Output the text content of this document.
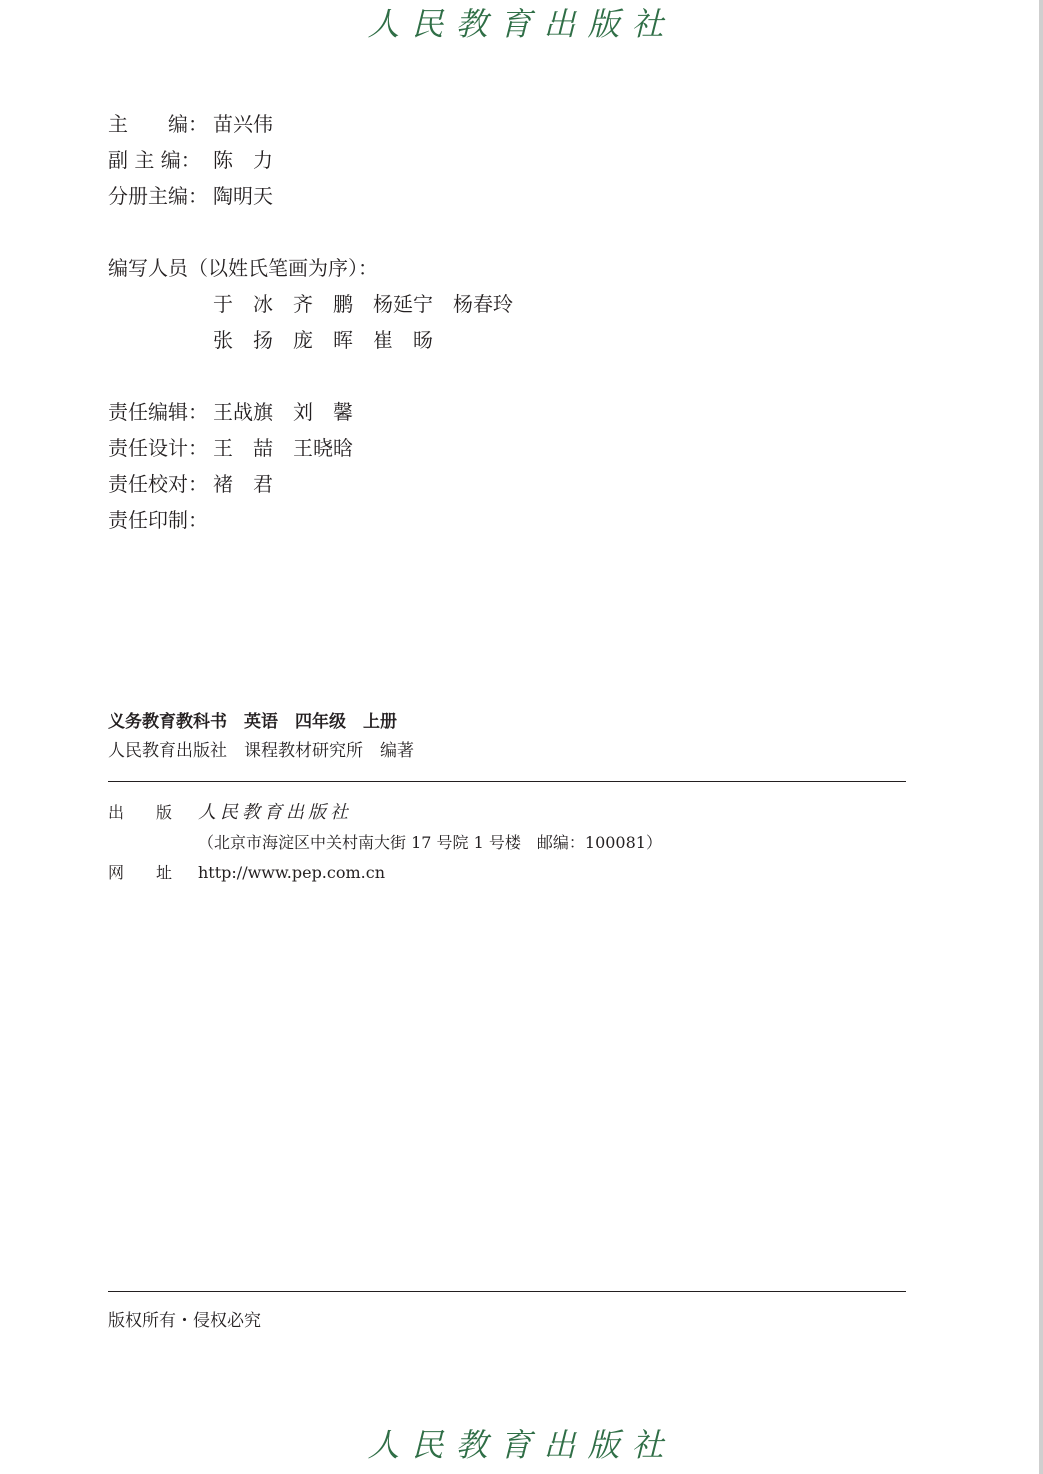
人民教育出版社
主　　编： 苗兴伟
副 主 编： 陈　力
分册主编： 陶明天
编写人员（以姓氏笔画为序）：
于　冰　齐　鹏　杨延宁　杨春玲
张　扬　庞　晖　崔　旸
责任编辑： 王战旗　刘　馨
责任设计： 王　喆　王晓晗
责任校对： 褚　君
责任印制：
义务教育教科书　英语　四年级　上册
人民教育出版社　课程教材研究所　编著
出　　版 人民教育出版社
（北京市海淀区中关村南大街 17 号院 1 号楼　邮编：100081）
网　　址 http://www.pep.com.cn
版权所有・侵权必究
人民教育出版社
